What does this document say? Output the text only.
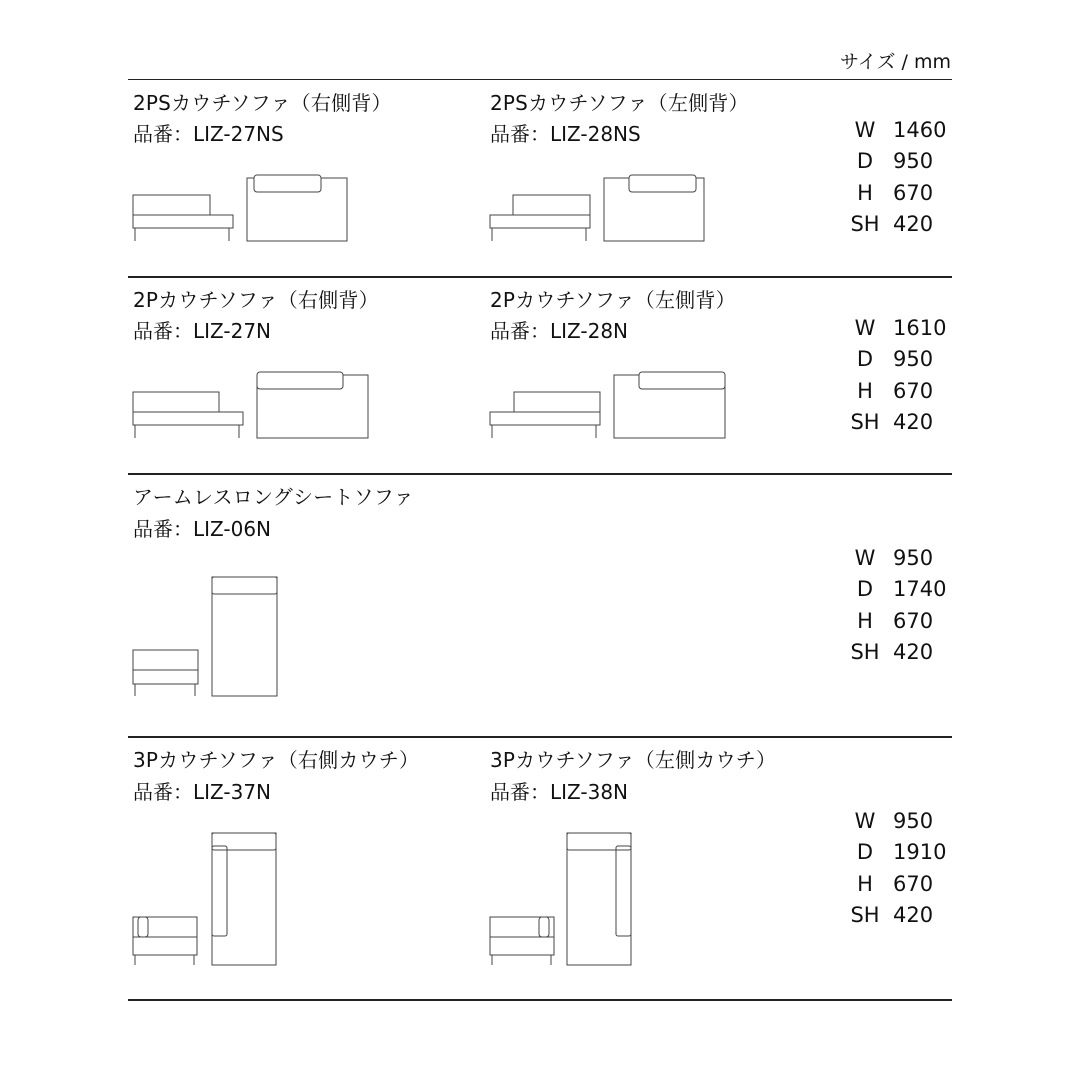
サイズ / mm
2PSカウチソファ（右側背）
品番：LIZ-27NS
2PSカウチソファ（左側背）
品番：LIZ-28NS	W 1460
D 950
H 670
SH 420
2Pカウチソファ（右側背）
品番：LIZ-27N
2Pカウチソファ（左側背）
品番：LIZ-28N	W 1610
D 950
H 670
SH 420
アームレスロングシートソファ
品番：LIZ-06N
W 950
D 1740
H 670
SH 420
3Pカウチソファ（右側カウチ）
品番：LIZ-37N
3Pカウチソファ（左側カウチ）
品番：LIZ-38N
W 950
D 1910
H 670
SH 420
